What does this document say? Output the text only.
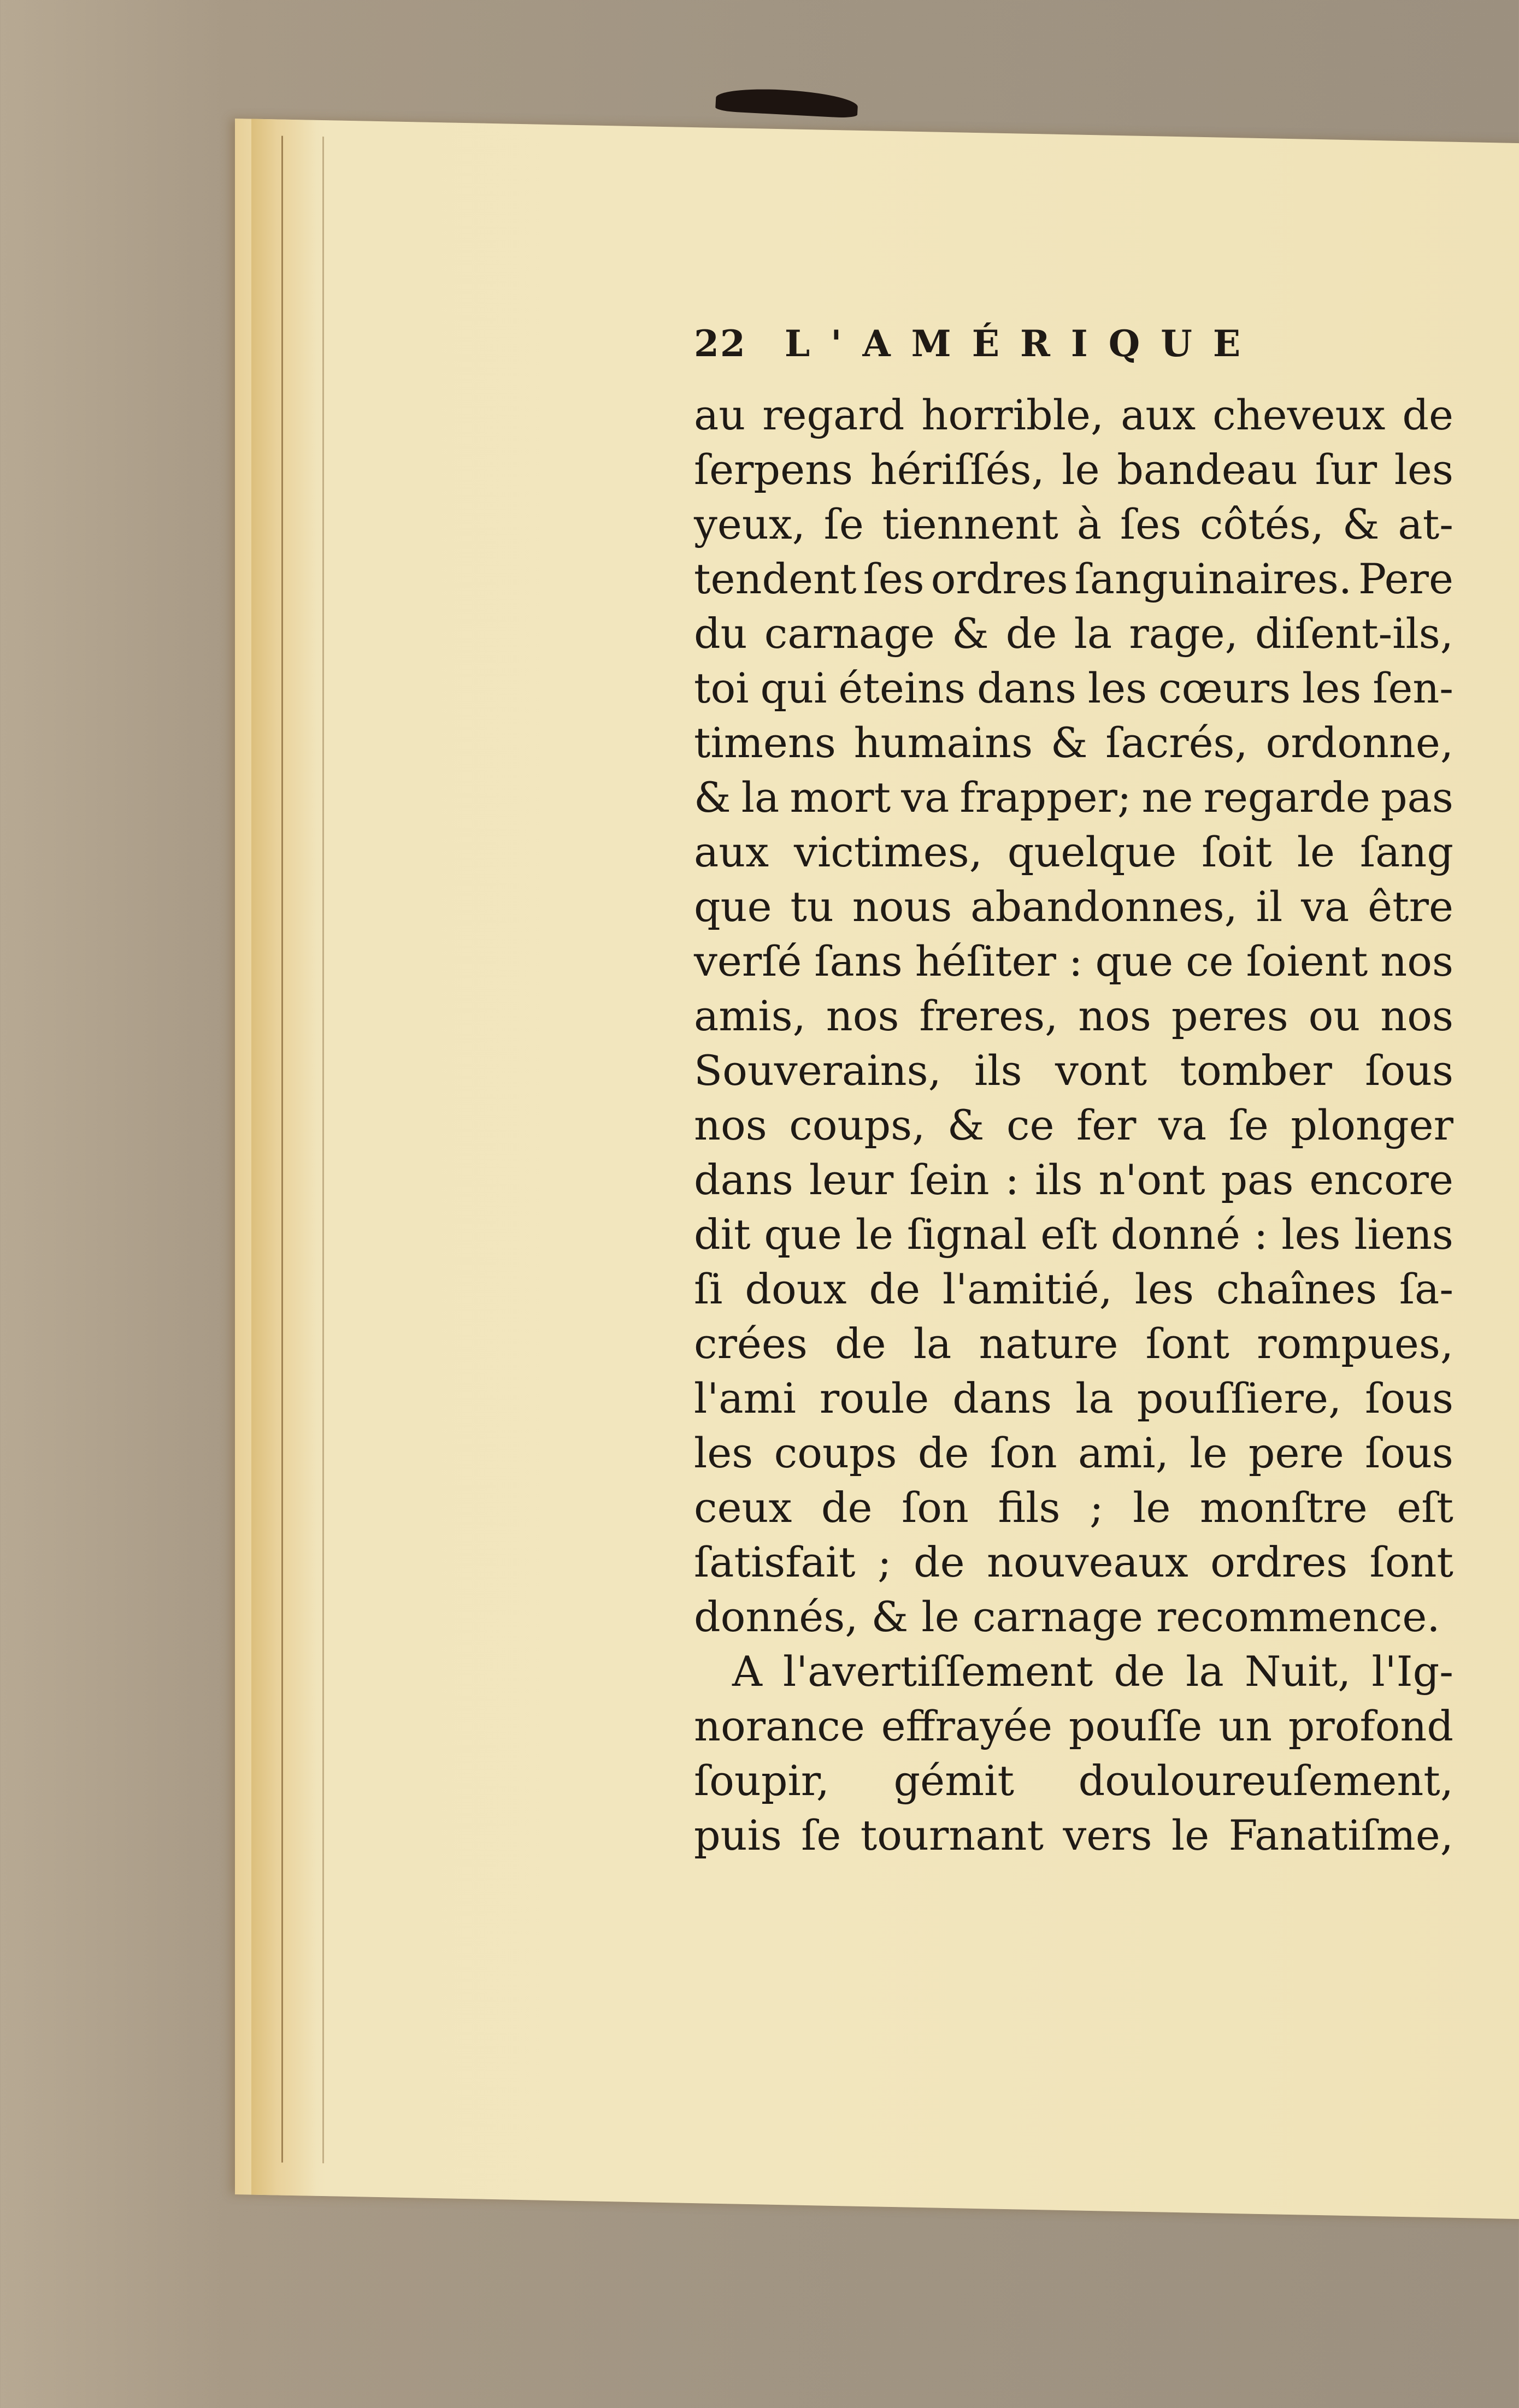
22 L'AMÉRIQUE
au regard horrible, aux cheveux de
ſerpens hériſſés, le bandeau ſur les
yeux, ſe tiennent à ſes côtés, & at-
tendent ſes ordres ſanguinaires. Pere
du carnage & de la rage, diſent-ils,
toi qui éteins dans les cœurs les ſen-
timens humains & ſacrés, ordonne,
& la mort va frapper; ne regarde pas
aux victimes, quelque ſoit le ſang
que tu nous abandonnes, il va être
verſé ſans héſiter : que ce ſoient nos
amis, nos freres, nos peres ou nos
Souverains, ils vont tomber ſous
nos coups, & ce fer va ſe plonger
dans leur ſein : ils n'ont pas encore
dit que le ſignal eſt donné : les liens
ſi doux de l'amitié, les chaînes ſa-
crées de la nature ſont rompues,
l'ami roule dans la pouſſiere, ſous
les coups de ſon ami, le pere ſous
ceux de ſon fils ; le monſtre eſt
ſatisfait ; de nouveaux ordres ſont
donnés, & le carnage recommence.
A l'avertiſſement de la Nuit, l'Ig-
norance effrayée pouſſe un profond
ſoupir, gémit douloureuſement,
puis ſe tournant vers le Fanatiſme,
